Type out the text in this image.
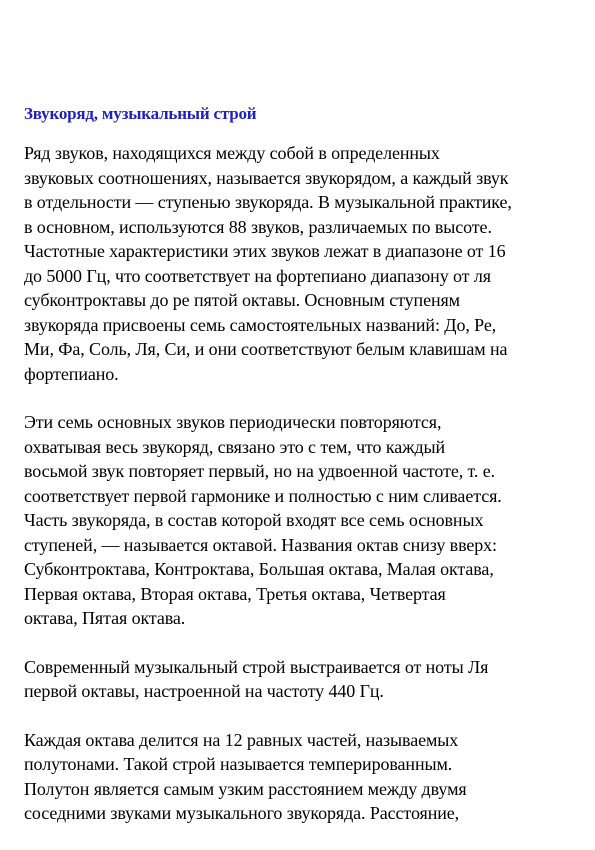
Звукоряд, музыкальный строй
Ряд звуков, находящихся между собой в определенных
звуковых соотношениях, называется звукорядом, а каждый звук
в отдельности — ступенью звукоряда. В музыкальной практике,
в основном, используются 88 звуков, различаемых по высоте.
Частотные характеристики этих звуков лежат в диапазоне от 16
до 5000 Гц, что соответствует на фортепиано диапазону от ля
субконтроктавы до ре пятой октавы. Основным ступеням
звукоряда присвоены семь самостоятельных названий: До, Ре,
Ми, Фа, Соль, Ля, Си, и они соответствуют белым клавишам на
фортепиано.
Эти семь основных звуков периодически повторяются,
охватывая весь звукоряд, связано это с тем, что каждый
восьмой звук повторяет первый, но на удвоенной частоте, т. е.
соответствует первой гармонике и полностью с ним сливается.
Часть звукоряда, в состав которой входят все семь основных
ступеней, — называется октавой. Названия октав снизу вверх:
Субконтроктава, Контроктава, Большая октава, Малая октава,
Первая октава, Вторая октава, Третья октава, Четвертая
октава, Пятая октава.
Современный музыкальный строй выстраивается от ноты Ля
первой октавы, настроенной на частоту 440 Гц.
Каждая октава делится на 12 равных частей, называемых
полутонами. Такой строй называется темперированным.
Полутон является самым узким расстоянием между двумя
соседними звуками музыкального звукоряда. Расстояние,
